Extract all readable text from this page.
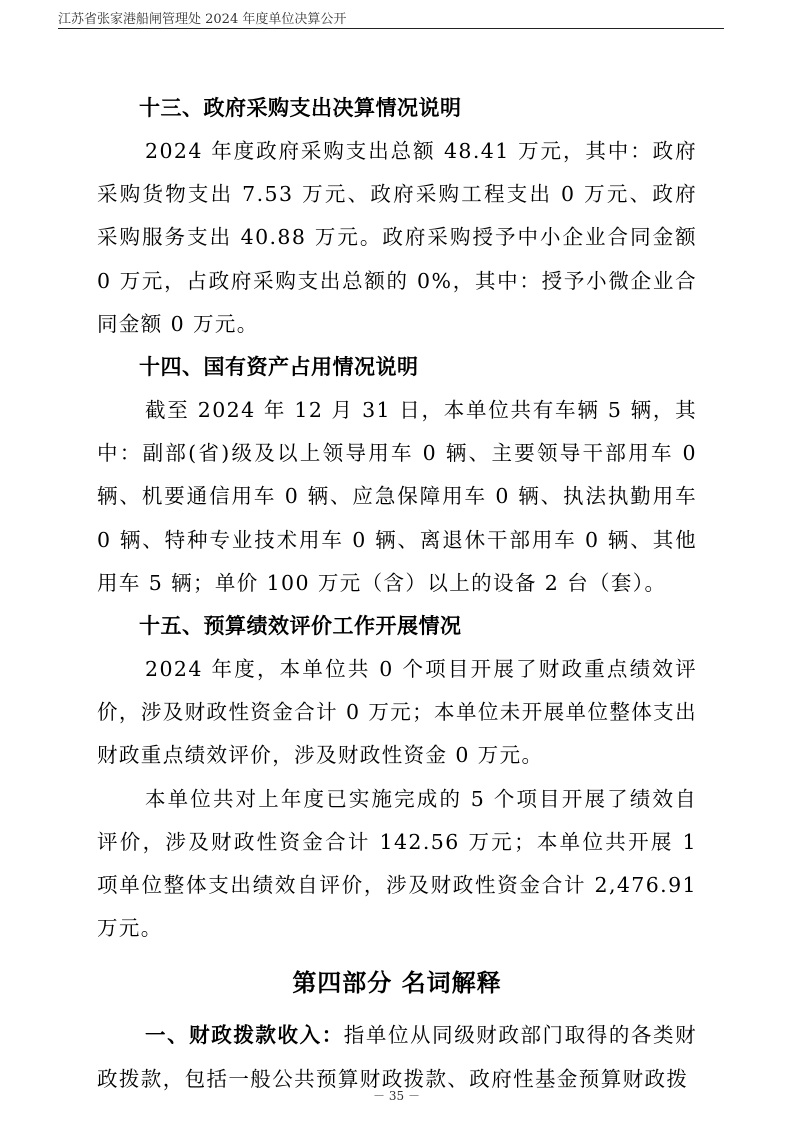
江苏省张家港船闸管理处 2024 年度单位决算公开
十三、政府采购支出决算情况说明

2024 年度政府采购支出总额 48.41 万元，其中：政府采购货物支出 7.53 万元、政府采购工程支出 0 万元、政府采购服务支出 40.88 万元。政府采购授予中小企业合同金额 0 万元，占政府采购支出总额的 0%，其中：授予小微企业合同金额 0 万元。

十四、国有资产占用情况说明

截至 2024 年 12 月 31 日，本单位共有车辆 5 辆，其中：副部(省)级及以上领导用车 0 辆、主要领导干部用车 0 辆、机要通信用车 0 辆、应急保障用车 0 辆、执法执勤用车 0 辆、特种专业技术用车 0 辆、离退休干部用车 0 辆、其他用车 5 辆；单价 100 万元（含）以上的设备 2 台（套）。

十五、预算绩效评价工作开展情况

2024 年度，本单位共 0 个项目开展了财政重点绩效评价，涉及财政性资金合计 0 万元；本单位未开展单位整体支出财政重点绩效评价，涉及财政性资金 0 万元。

本单位共对上年度已实施完成的 5 个项目开展了绩效自评价，涉及财政性资金合计 142.56 万元；本单位共开展 1 项单位整体支出绩效自评价，涉及财政性资金合计 2,476.91 万元。

第四部分 名词解释

一、财政拨款收入：指单位从同级财政部门取得的各类财政拨款，包括一般公共预算财政拨款、政府性基金预算财政拨

－ 35 －
